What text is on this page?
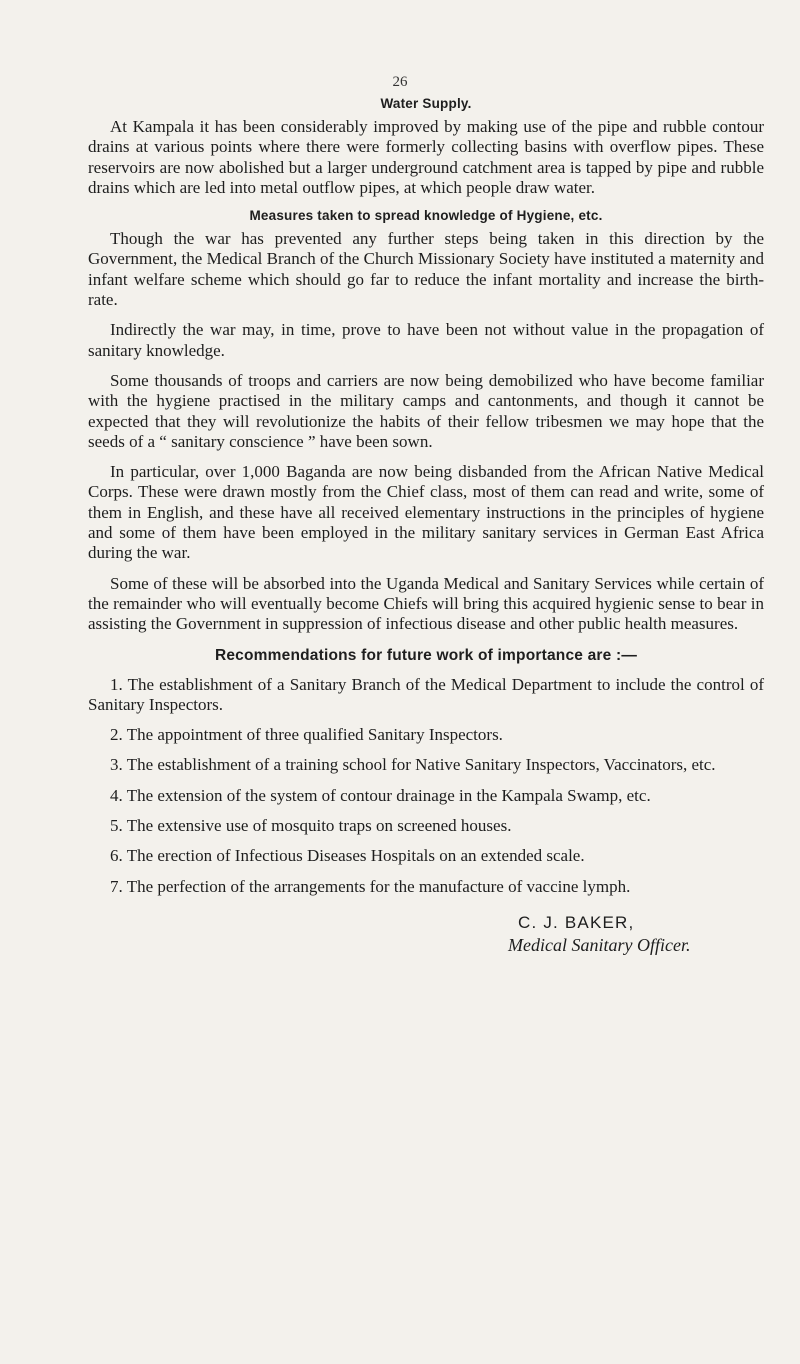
26
Water Supply.

At Kampala it has been considerably improved by making use of the pipe and rubble contour drains at various points where there were formerly collecting basins with overflow pipes. These reservoirs are now abolished but a larger underground catchment area is tapped by pipe and rubble drains which are led into metal outflow pipes, at which people draw water.

Measures taken to spread knowledge of Hygiene, etc.

Though the war has prevented any further steps being taken in this direction by the Government, the Medical Branch of the Church Missionary Society have instituted a maternity and infant welfare scheme which should go far to reduce the infant mortality and increase the birth-rate.

Indirectly the war may, in time, prove to have been not without value in the propagation of sanitary knowledge.

Some thousands of troops and carriers are now being demobilized who have become familiar with the hygiene practised in the military camps and cantonments, and though it cannot be expected that they will revolutionize the habits of their fellow tribesmen we may hope that the seeds of a “ sanitary conscience ” have been sown.

In particular, over 1,000 Baganda are now being disbanded from the African Native Medical Corps. These were drawn mostly from the Chief class, most of them can read and write, some of them in English, and these have all received elementary instructions in the principles of hygiene and some of them have been employed in the military sanitary services in German East Africa during the war.

Some of these will be absorbed into the Uganda Medical and Sanitary Services while certain of the remainder who will eventually become Chiefs will bring this acquired hygienic sense to bear in assisting the Government in suppression of infectious disease and other public health measures.

Recommendations for future work of importance are :—
1. The establishment of a Sanitary Branch of the Medical Department to include the control of Sanitary Inspectors.
2. The appointment of three qualified Sanitary Inspectors.
3. The establishment of a training school for Native Sanitary Inspectors, Vaccinators, etc.
4. The extension of the system of contour drainage in the Kampala Swamp, etc.
5. The extensive use of mosquito traps on screened houses.
6. The erection of Infectious Diseases Hospitals on an extended scale.
7. The perfection of the arrangements for the manufacture of vaccine lymph.
C. J. BAKER,
Medical Sanitary Officer.
